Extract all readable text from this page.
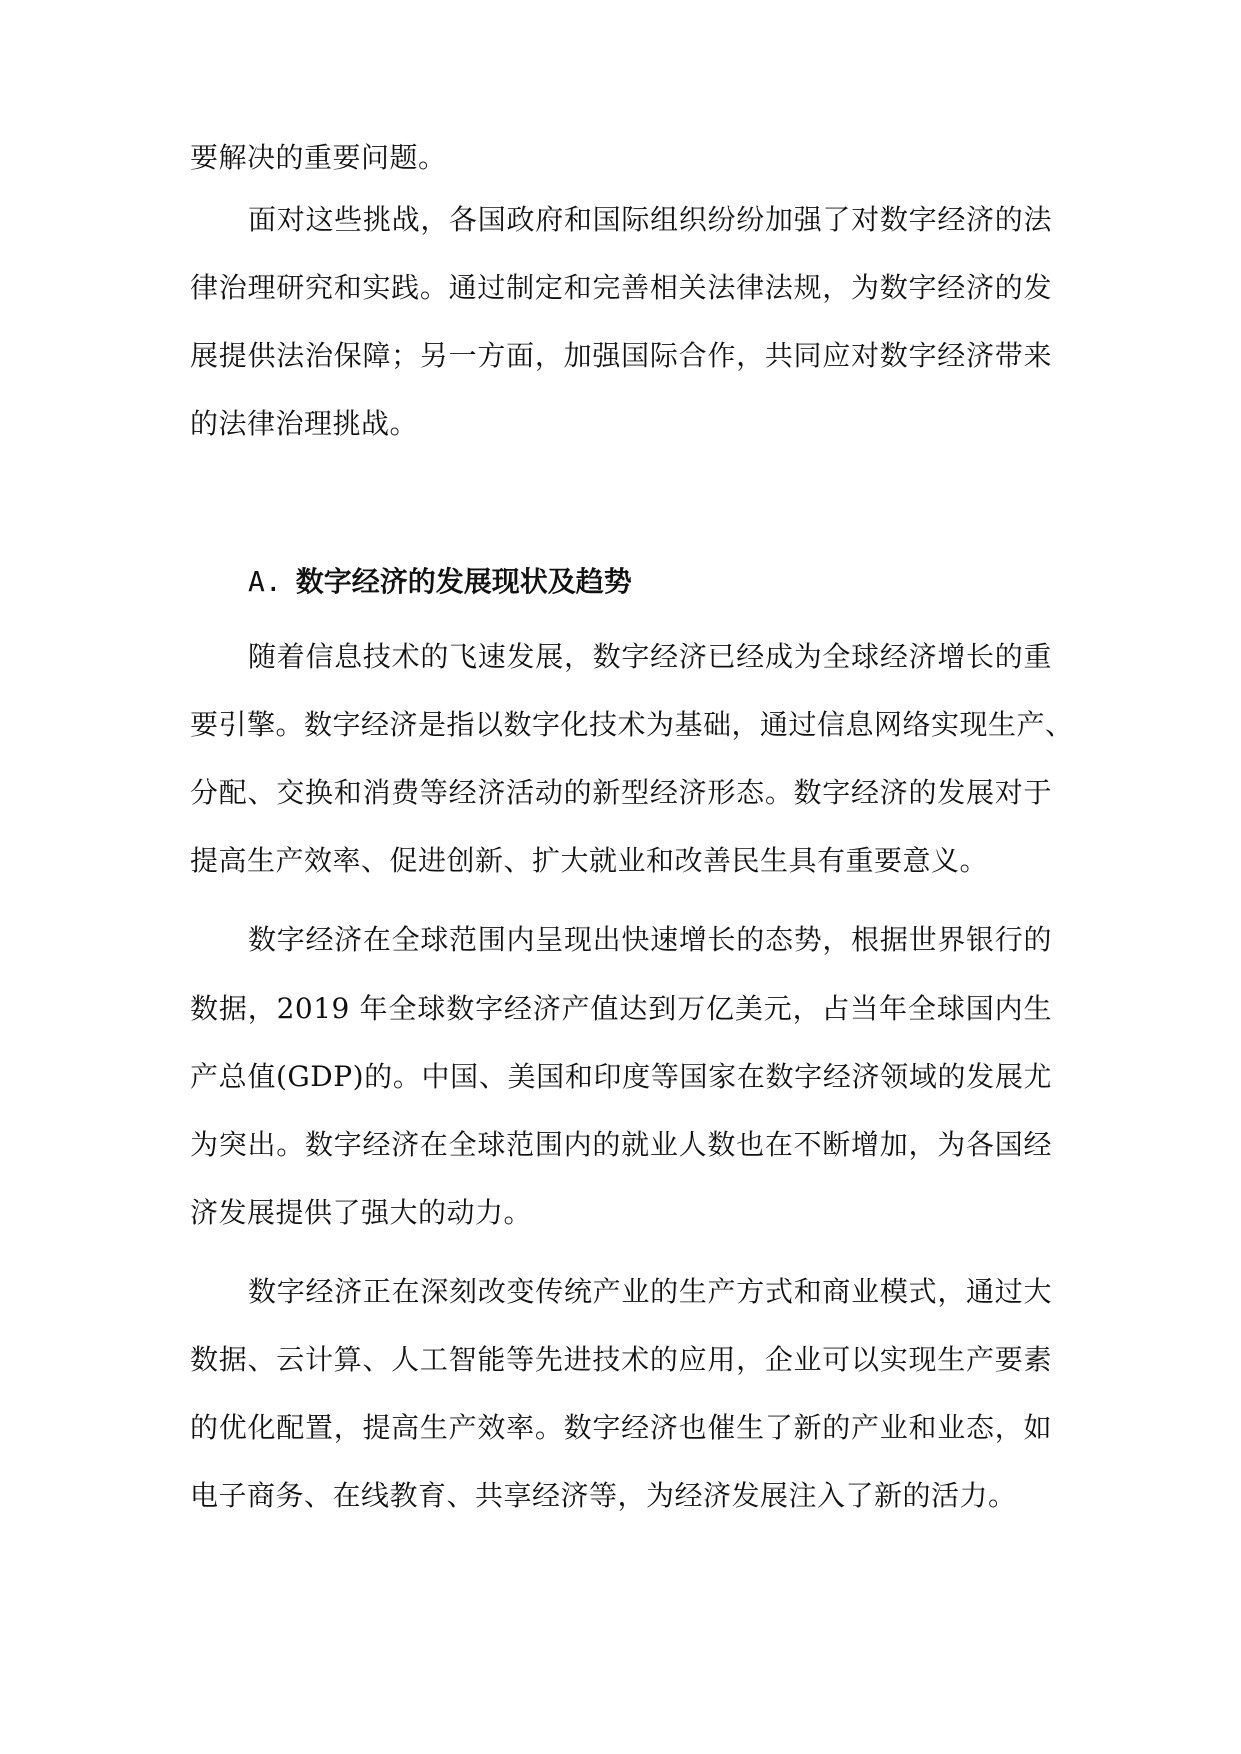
要解决的重要问题。
面对这些挑战，各国政府和国际组织纷纷加强了对数字经济的法
律治理研究和实践。通过制定和完善相关法律法规，为数字经济的发
展提供法治保障；另一方面，加强国际合作，共同应对数字经济带来
的法律治理挑战。
A. 数字经济的发展现状及趋势
随着信息技术的飞速发展，数字经济已经成为全球经济增长的重
要引擎。数字经济是指以数字化技术为基础，通过信息网络实现生产、
分配、交换和消费等经济活动的新型经济形态。数字经济的发展对于
提高生产效率、促进创新、扩大就业和改善民生具有重要意义。
数字经济在全球范围内呈现出快速增长的态势，根据世界银行的
数据，2019 年全球数字经济产值达到万亿美元，占当年全球国内生
产总值(GDP)的。中国、美国和印度等国家在数字经济领域的发展尤
为突出。数字经济在全球范围内的就业人数也在不断增加，为各国经
济发展提供了强大的动力。
数字经济正在深刻改变传统产业的生产方式和商业模式，通过大
数据、云计算、人工智能等先进技术的应用，企业可以实现生产要素
的优化配置，提高生产效率。数字经济也催生了新的产业和业态，如
电子商务、在线教育、共享经济等，为经济发展注入了新的活力。
